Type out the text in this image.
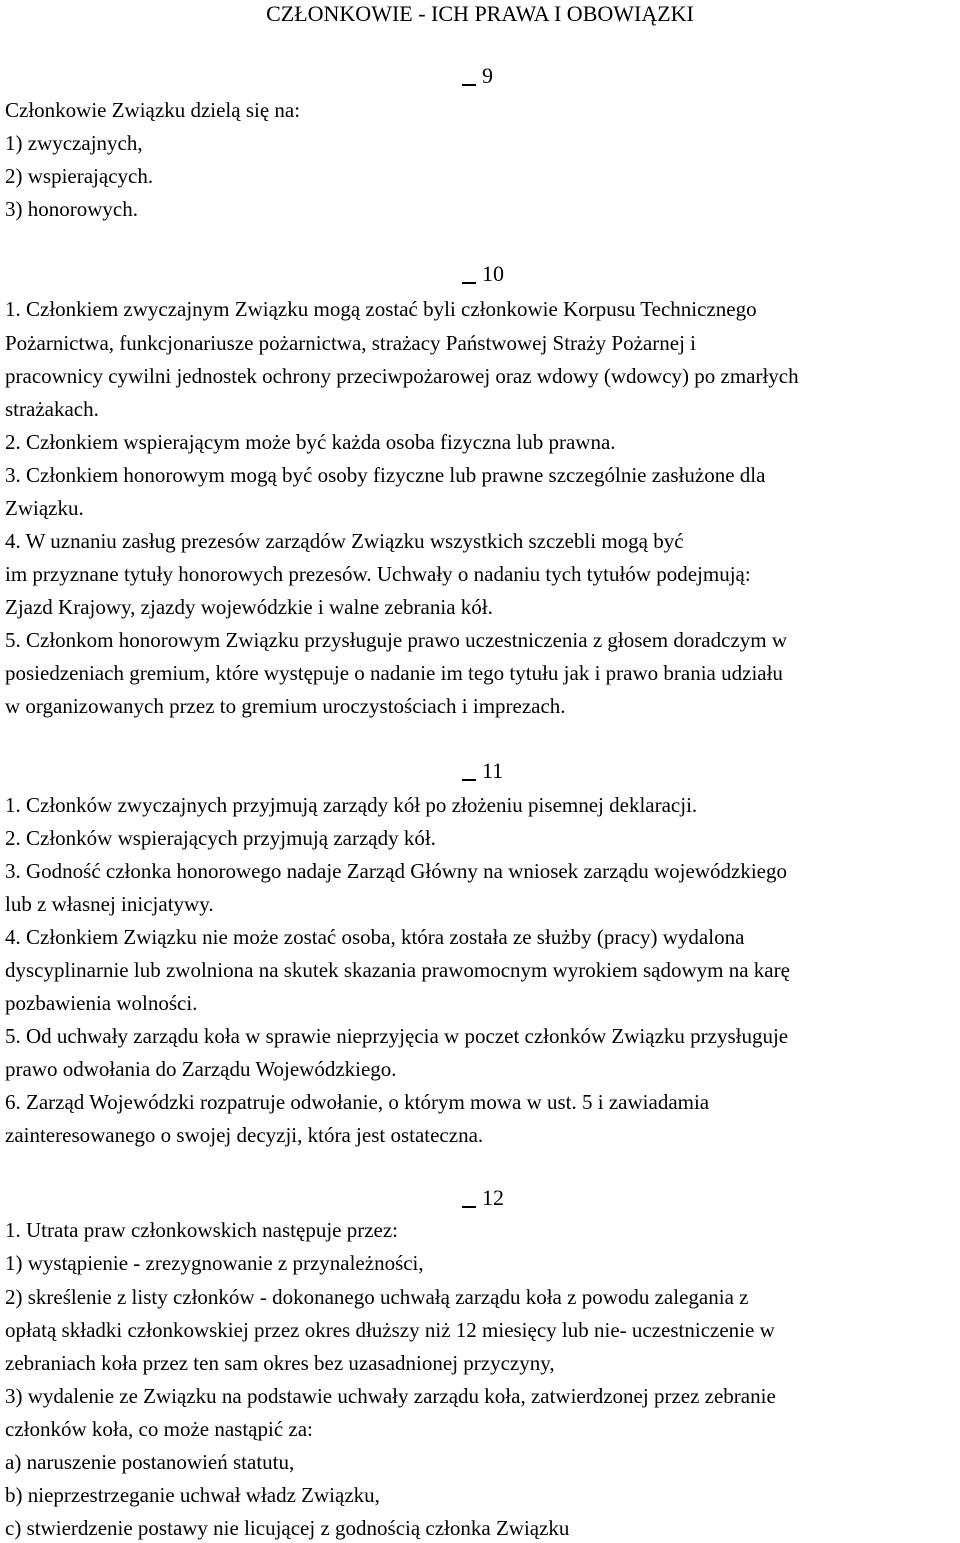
CZŁONKOWIE - ICH PRAWA I OBOWIĄZKI
9
10
11
12
Członkowie Związku dzielą się na:
1) zwyczajnych,
2) wspierających.
3) honorowych.
1. Członkiem zwyczajnym Związku mogą zostać byli członkowie Korpusu Technicznego
Pożarnictwa, funkcjonariusze pożarnictwa, strażacy Państwowej Straży Pożarnej i
pracownicy cywilni jednostek ochrony przeciwpożarowej oraz wdowy (wdowcy) po zmarłych
strażakach.
2. Członkiem wspierającym może być każda osoba fizyczna lub prawna.
3. Członkiem honorowym mogą być osoby fizyczne lub prawne szczególnie zasłużone dla
Związku.
4. W uznaniu zasług prezesów zarządów Związku wszystkich szczebli mogą być
im przyznane tytuły honorowych prezesów. Uchwały o nadaniu tych tytułów podejmują:
Zjazd Krajowy, zjazdy wojewódzkie i walne zebrania kół.
5. Członkom honorowym Związku przysługuje prawo uczestniczenia z głosem doradczym w
posiedzeniach gremium, które występuje o nadanie im tego tytułu jak i prawo brania udziału
w organizowanych przez to gremium uroczystościach i imprezach.
1. Członków zwyczajnych przyjmują zarządy kół po złożeniu pisemnej deklaracji.
2. Członków wspierających przyjmują zarządy kół.
3. Godność członka honorowego nadaje Zarząd Główny na wniosek zarządu wojewódzkiego
lub z własnej inicjatywy.
4. Członkiem Związku nie może zostać osoba, która została ze służby (pracy) wydalona
dyscyplinarnie lub zwolniona na skutek skazania prawomocnym wyrokiem sądowym na karę
pozbawienia wolności.
5. Od uchwały zarządu koła w sprawie nieprzyjęcia w poczet członków Związku przysługuje
prawo odwołania do Zarządu Wojewódzkiego.
6. Zarząd Wojewódzki rozpatruje odwołanie, o którym mowa w ust. 5 i zawiadamia
zainteresowanego o swojej decyzji, która jest ostateczna.
1. Utrata praw członkowskich następuje przez:
1) wystąpienie - zrezygnowanie z przynależności,
2) skreślenie z listy członków - dokonanego uchwałą zarządu koła z powodu zalegania z
opłatą składki członkowskiej przez okres dłuższy niż 12 miesięcy lub nie- uczestniczenie w
zebraniach koła przez ten sam okres bez uzasadnionej przyczyny,
3) wydalenie ze Związku na podstawie uchwały zarządu koła, zatwierdzonej przez zebranie
członków koła, co może nastąpić za:
a) naruszenie postanowień statutu,
b) nieprzestrzeganie uchwał władz Związku,
c) stwierdzenie postawy nie licującej z godnością członka Związku
